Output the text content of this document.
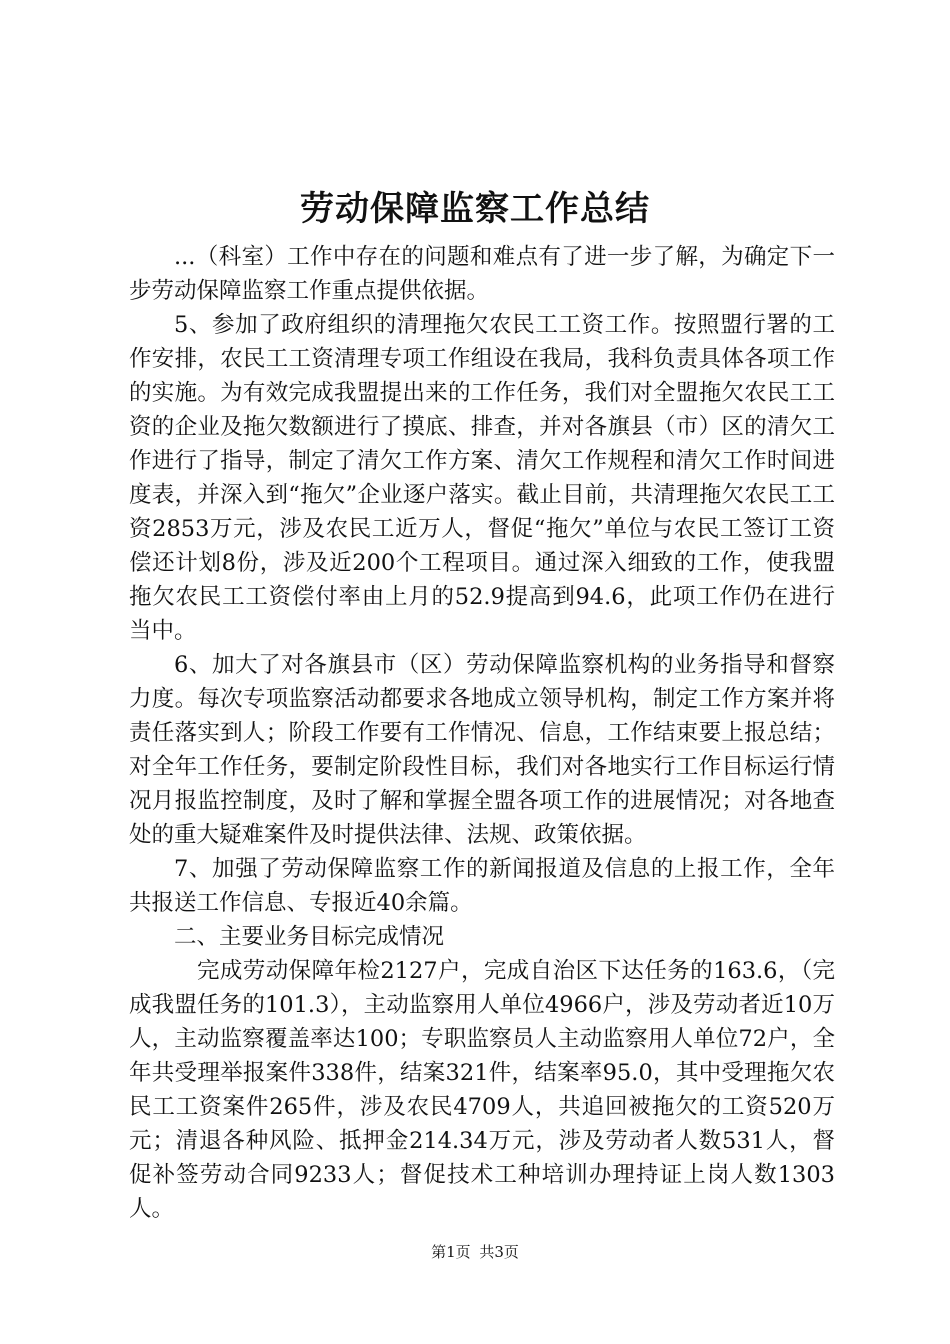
劳动保障监察工作总结

...（科室）工作中存在的问题和难点有了进一步了解，为确定下一步劳动保障监察工作重点提供依据。

5、参加了政府组织的清理拖欠农民工工资工作。按照盟行署的工作安排，农民工工资清理专项工作组设在我局，我科负责具体各项工作的实施。为有效完成我盟提出来的工作任务，我们对全盟拖欠农民工工资的企业及拖欠数额进行了摸底、排查，并对各旗县（市）区的清欠工作进行了指导，制定了清欠工作方案、清欠工作规程和清欠工作时间进度表，并深入到“拖欠”企业逐户落实。截止目前，共清理拖欠农民工工资2853万元，涉及农民工近万人，督促“拖欠”单位与农民工签订工资偿还计划8份，涉及近200个工程项目。通过深入细致的工作，使我盟拖欠农民工工资偿付率由上月的52.9提高到94.6，此项工作仍在进行当中。

6、加大了对各旗县市（区）劳动保障监察机构的业务指导和督察力度。每次专项监察活动都要求各地成立领导机构，制定工作方案并将责任落实到人；阶段工作要有工作情况、信息，工作结束要上报总结；对全年工作任务，要制定阶段性目标，我们对各地实行工作目标运行情况月报监控制度，及时了解和掌握全盟各项工作的进展情况；对各地查处的重大疑难案件及时提供法律、法规、政策依据。

7、加强了劳动保障监察工作的新闻报道及信息的上报工作，全年共报送工作信息、专报近40余篇。

二、主要业务目标完成情况

完成劳动保障年检2127户，完成自治区下达任务的163.6，（完成我盟任务的101.3），主动监察用人单位4966户，涉及劳动者近10万人，主动监察覆盖率达100；专职监察员人主动监察用人单位72户，全年共受理举报案件338件，结案321件，结案率95.0，其中受理拖欠农民工工资案件265件，涉及农民4709人，共追回被拖欠的工资520万元；清退各种风险、抵押金214.34万元，涉及劳动者人数531人，督促补签劳动合同9233人；督促技术工种培训办理持证上岗人数1303人。

第1页 共3页
